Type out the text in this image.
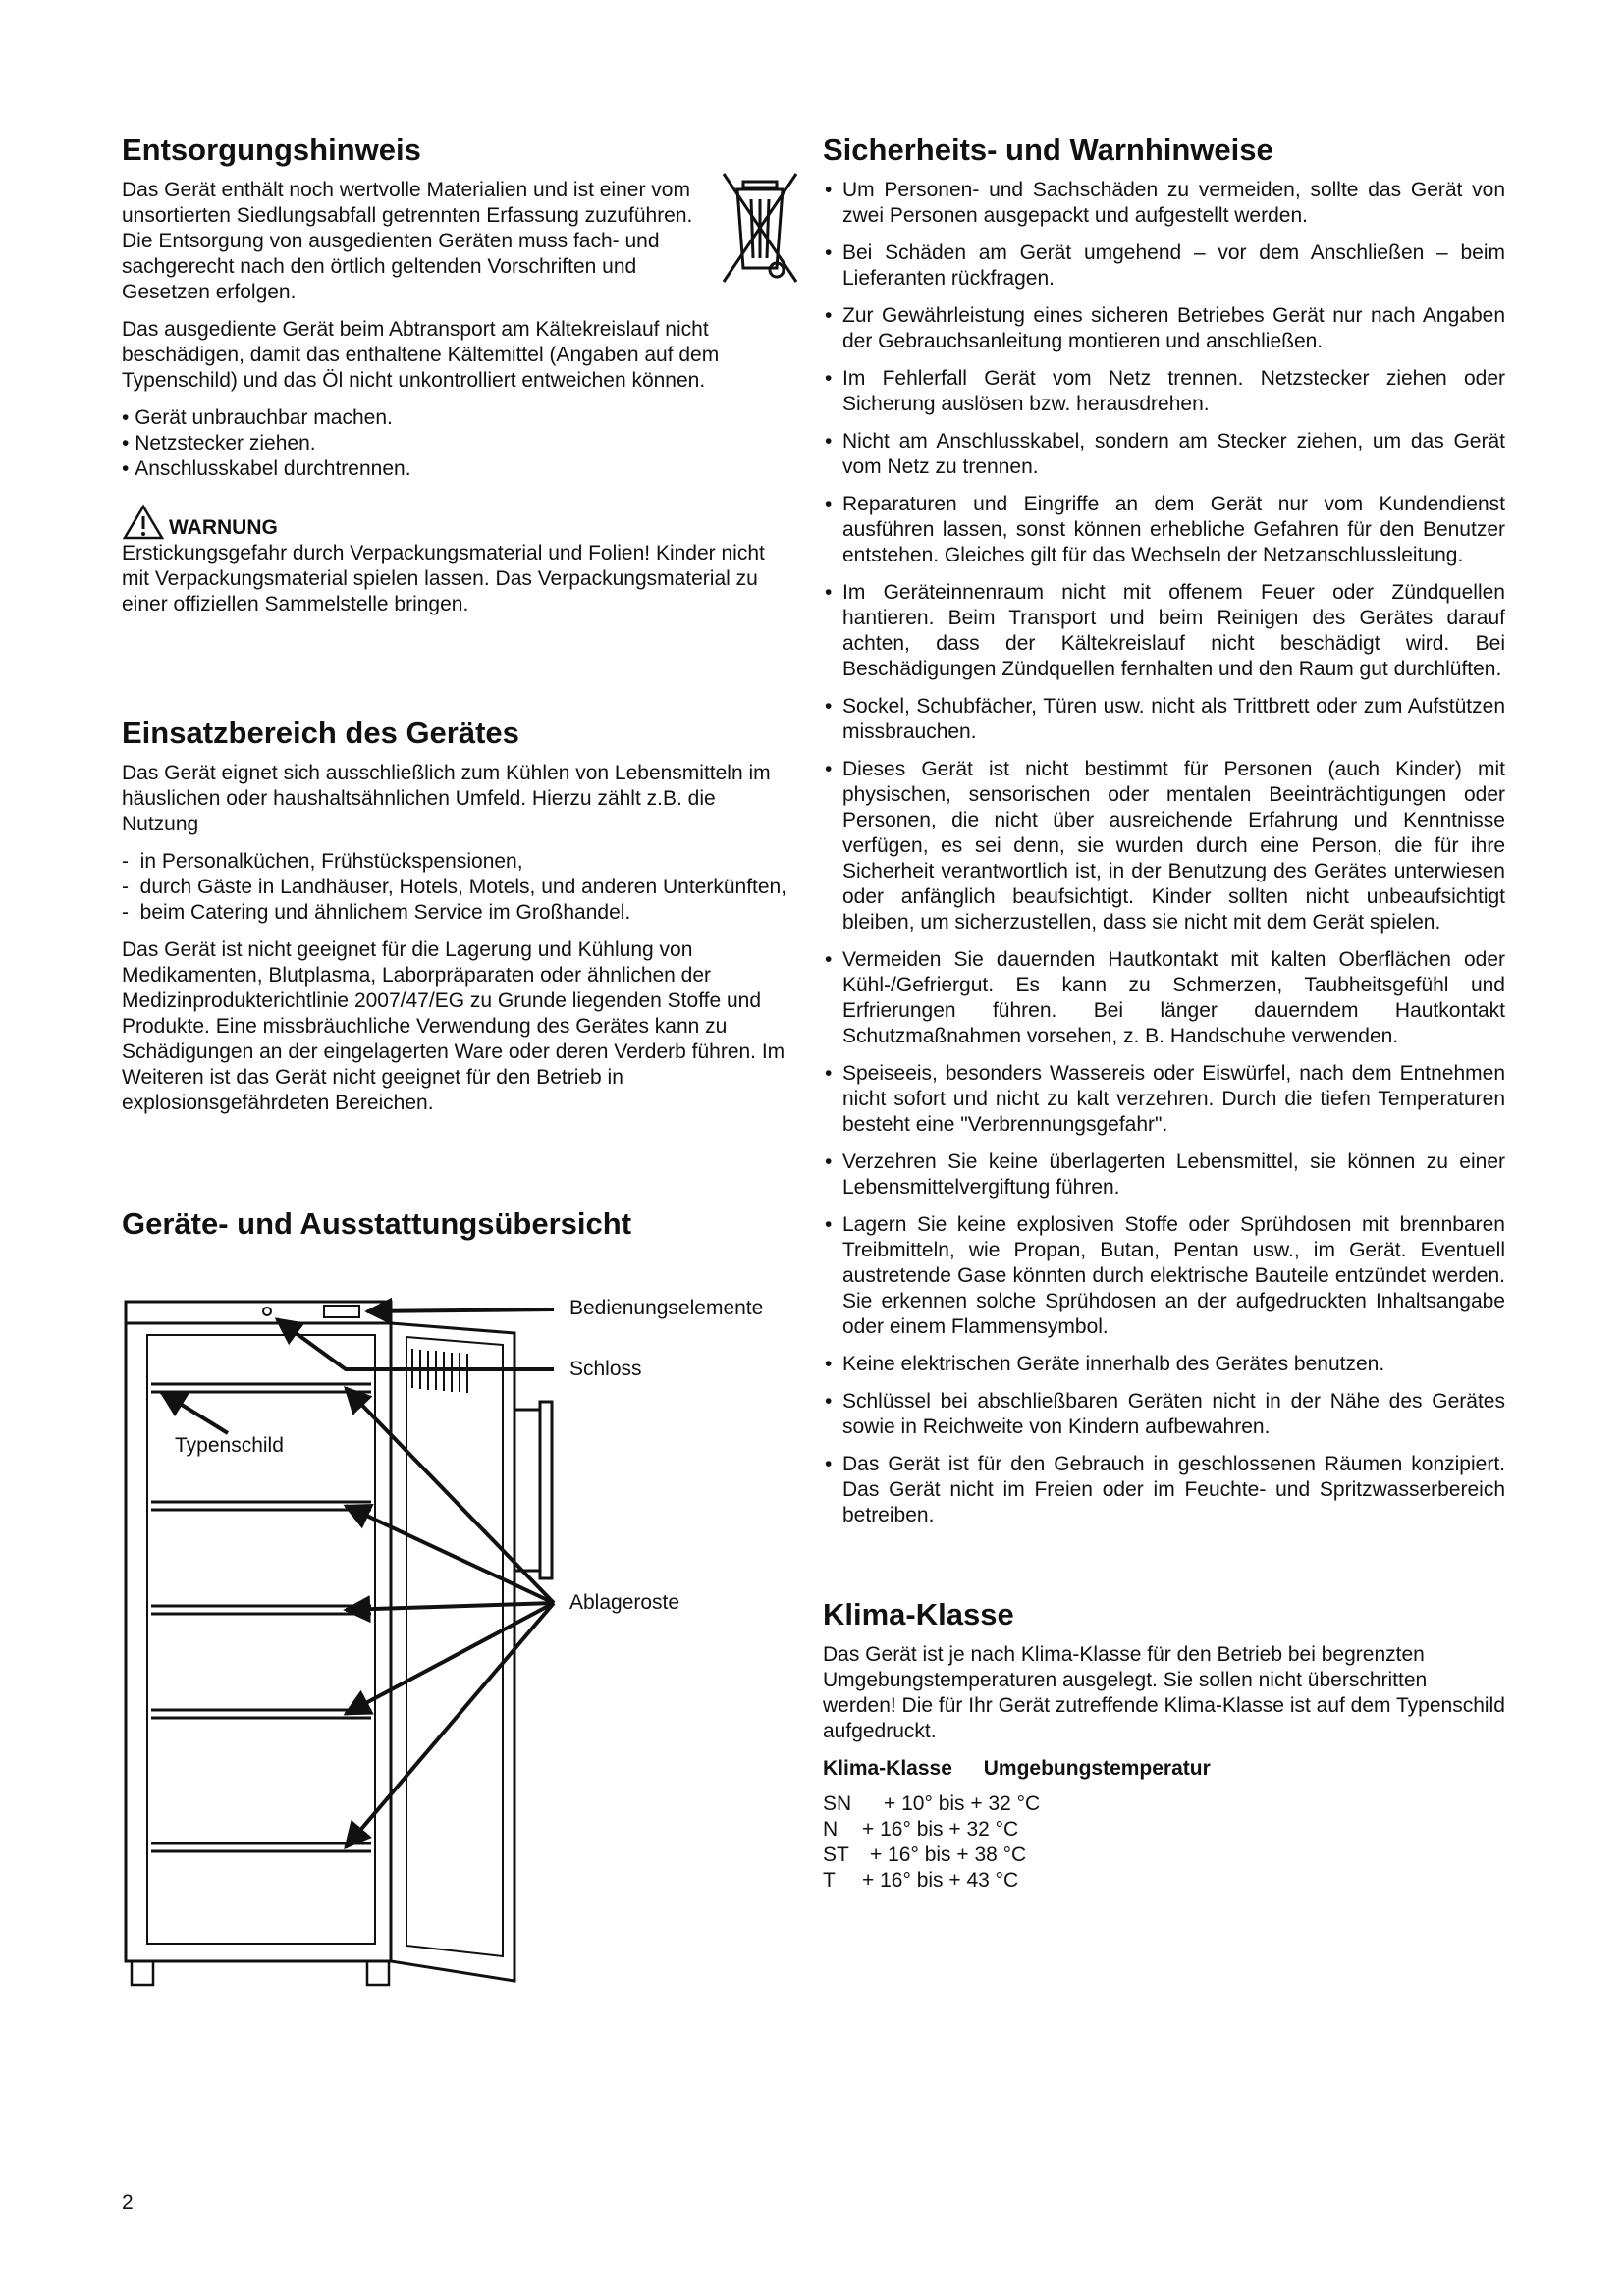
Entsorgungshinweis

Das Gerät enthält noch wertvolle Materialien und ist einer vom unsortierten Siedlungsabfall getrennten Erfassung zuzuführen. Die Entsorgung von ausgedienten Geräten muss fach- und sachgerecht nach den örtlich geltenden Vorschriften und Gesetzen erfolgen.

Das ausgediente Gerät beim Abtransport am Kältekreislauf nicht beschädigen, damit das enthaltene Kältemittel (Angaben auf dem Typenschild) und das Öl nicht unkontrolliert entweichen können.

• Gerät unbrauchbar machen.
• Netzstecker ziehen.
• Anschlusskabel durchtrennen.
WARNUNG

Erstickungsgefahr durch Verpackungsmaterial und Folien! Kinder nicht mit Verpackungsmaterial spielen lassen. Das Verpackungsmaterial zu einer offiziellen Sammelstelle bringen.

Einsatzbereich des Gerätes

Das Gerät eignet sich ausschließlich zum Kühlen von Lebensmitteln im häuslichen oder haushaltsähnlichen Umfeld. Hierzu zählt z.B. die Nutzung

-  in Personalküchen, Frühstückspensionen,
-  durch Gäste in Landhäuser, Hotels, Motels, und anderen Unterkünften,
-  beim Catering und ähnlichem Service im Großhandel.

Das Gerät ist nicht geeignet für die Lagerung und Kühlung von Medikamenten, Blutplasma, Laborpräparaten oder ähnlichen der Medizinprodukterichtlinie 2007/47/EG zu Grunde liegenden Stoffe und Produkte. Eine missbräuchliche Verwendung des Gerätes kann zu Schädigungen an der eingelagerten Ware oder deren Verderb führen. Im Weiteren ist das Gerät nicht geeignet für den Betrieb in explosionsgefährdeten Bereichen.

Geräte- und Ausstattungsübersicht
Bedienungselemente
Schloss
Typenschild
Ablageroste
Sicherheits- und Warnhinweise
• Um Personen- und Sachschäden zu vermeiden, sollte das Gerät von zwei Personen ausgepackt und aufgestellt werden.
• Bei Schäden am Gerät umgehend – vor dem Anschließen – beim Lieferanten rückfragen.
• Zur Gewährleistung eines sicheren Betriebes Gerät nur nach Angaben der Gebrauchsanleitung montieren und anschließen.
• Im Fehlerfall Gerät vom Netz trennen. Netzstecker ziehen oder Sicherung auslösen bzw. herausdrehen.
• Nicht am Anschlusskabel, sondern am Stecker ziehen, um das Gerät vom Netz zu trennen.
• Reparaturen und Eingriffe an dem Gerät nur vom Kundendienst ausführen lassen, sonst können erhebliche Gefahren für den Benutzer entstehen. Gleiches gilt für das Wechseln der Netzanschlussleitung.
• Im Geräteinnenraum nicht mit offenem Feuer oder Zündquellen hantieren. Beim Transport und beim Reinigen des Gerätes darauf achten, dass der Kältekreislauf nicht beschädigt wird. Bei Beschädigungen Zündquellen fernhalten und den Raum gut durchlüften.
• Sockel, Schubfächer, Türen usw. nicht als Trittbrett oder zum Aufstützen missbrauchen.
• Dieses Gerät ist nicht bestimmt für Personen (auch Kinder) mit physischen, sensorischen oder mentalen Beeinträchtigungen oder Personen, die nicht über ausreichende Erfahrung und Kenntnisse verfügen, es sei denn, sie wurden durch eine Person, die für ihre Sicherheit verantwortlich ist, in der Benutzung des Gerätes unterwiesen oder anfänglich beaufsichtigt. Kinder sollten nicht unbeaufsichtigt bleiben, um sicherzustellen, dass sie nicht mit dem Gerät spielen.
• Vermeiden Sie dauernden Hautkontakt mit kalten Oberflächen oder Kühl-/Gefriergut. Es kann zu Schmerzen, Taubheitsgefühl und Erfrierungen führen. Bei länger dauerndem Hautkontakt Schutzmaßnahmen vorsehen, z. B. Handschuhe verwenden.
• Speiseeis, besonders Wassereis oder Eiswürfel, nach dem Entnehmen nicht sofort und nicht zu kalt verzehren. Durch die tiefen Temperaturen besteht eine "Verbrennungsgefahr".
• Verzehren Sie keine überlagerten Lebensmittel, sie können zu einer Lebensmittelvergiftung führen.
• Lagern Sie keine explosiven Stoffe oder Sprühdosen mit brennbaren Treibmitteln, wie Propan, Butan, Pentan usw., im Gerät. Eventuell austretende Gase könnten durch elektrische Bauteile entzündet werden. Sie erkennen solche Sprühdosen an der aufgedruckten Inhaltsangabe oder einem Flammensymbol.
• Keine elektrischen Geräte innerhalb des Gerätes benutzen.
• Schlüssel bei abschließbaren Geräten nicht in der Nähe des Gerätes sowie in Reichweite von Kindern aufbewahren.
• Das Gerät ist für den Gebrauch in geschlossenen Räumen konzipiert. Das Gerät nicht im Freien oder im Feuchte- und Spritzwasserbereich betreiben.
Klima-Klasse

Das Gerät ist je nach Klima-Klasse für den Betrieb bei begrenzten Umgebungstemperaturen ausgelegt. Sie sollen nicht überschritten werden! Die für Ihr Gerät zutreffende Klima-Klasse ist auf dem Typenschild aufgedruckt.

Klima-Klasse Umgebungstemperatur
SN	+ 10° bis + 32 °C
N	+ 16° bis + 32 °C
ST	+ 16° bis + 38 °C
T	+ 16° bis + 43 °C
2
